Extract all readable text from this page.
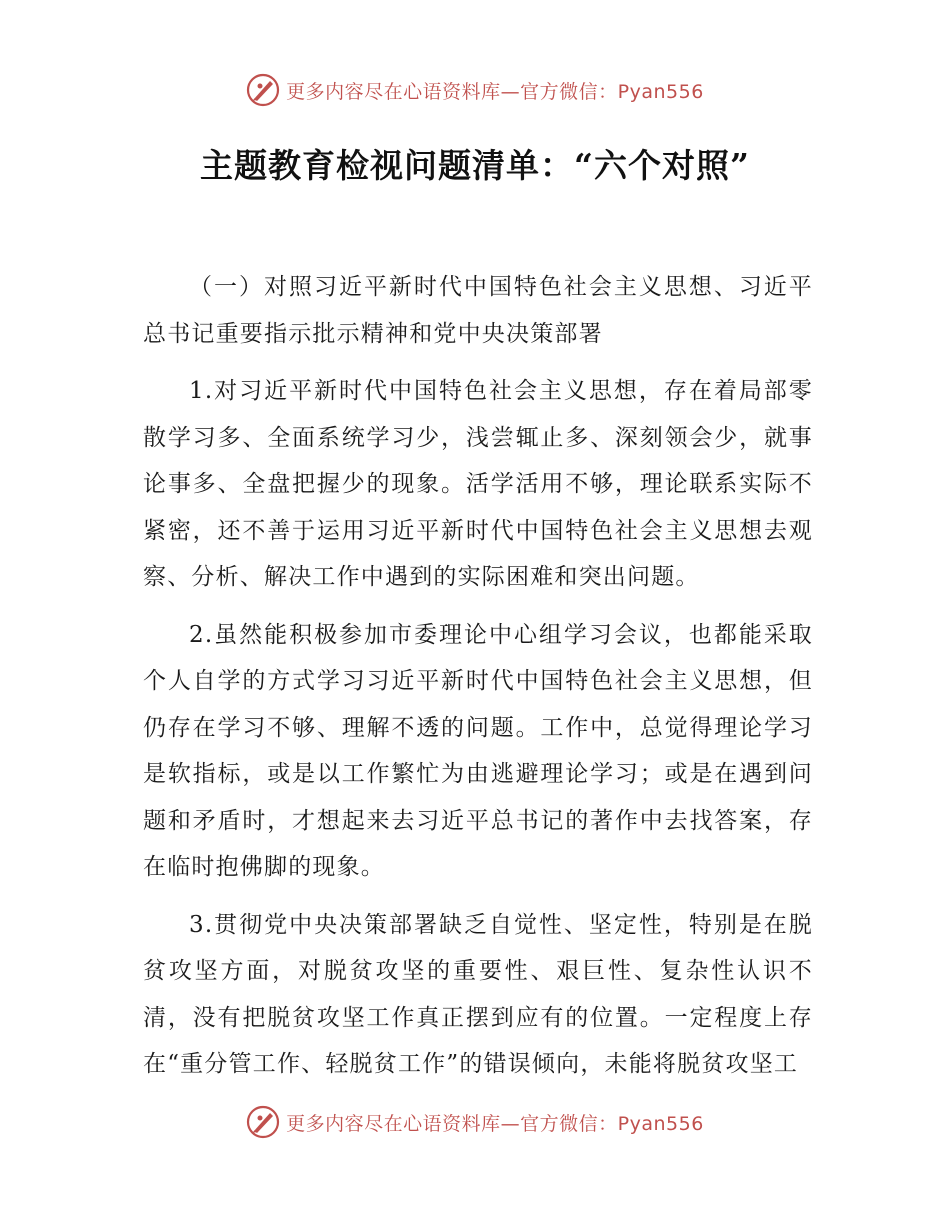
更多内容尽在心语资料库—官方微信：Pyan556
主题教育检视问题清单：“六个对照”

（一）对照习近平新时代中国特色社会主义思想、习近平总书记重要指示批示精神和党中央决策部署

1.对习近平新时代中国特色社会主义思想，存在着局部零散学习多、全面系统学习少，浅尝辄止多、深刻领会少，就事论事多、全盘把握少的现象。活学活用不够，理论联系实际不紧密，还不善于运用习近平新时代中国特色社会主义思想去观察、分析、解决工作中遇到的实际困难和突出问题。

2.虽然能积极参加市委理论中心组学习会议，也都能采取个人自学的方式学习习近平新时代中国特色社会主义思想，但仍存在学习不够、理解不透的问题。工作中，总觉得理论学习是软指标，或是以工作繁忙为由逃避理论学习；或是在遇到问题和矛盾时，才想起来去习近平总书记的著作中去找答案，存在临时抱佛脚的现象。

3.贯彻党中央决策部署缺乏自觉性、坚定性，特别是在脱贫攻坚方面，对脱贫攻坚的重要性、艰巨性、复杂性认识不清，没有把脱贫攻坚工作真正摆到应有的位置。一定程度上存在“重分管工作、轻脱贫工作”的错误倾向，未能将脱贫攻坚工

更多内容尽在心语资料库—官方微信：Pyan556
